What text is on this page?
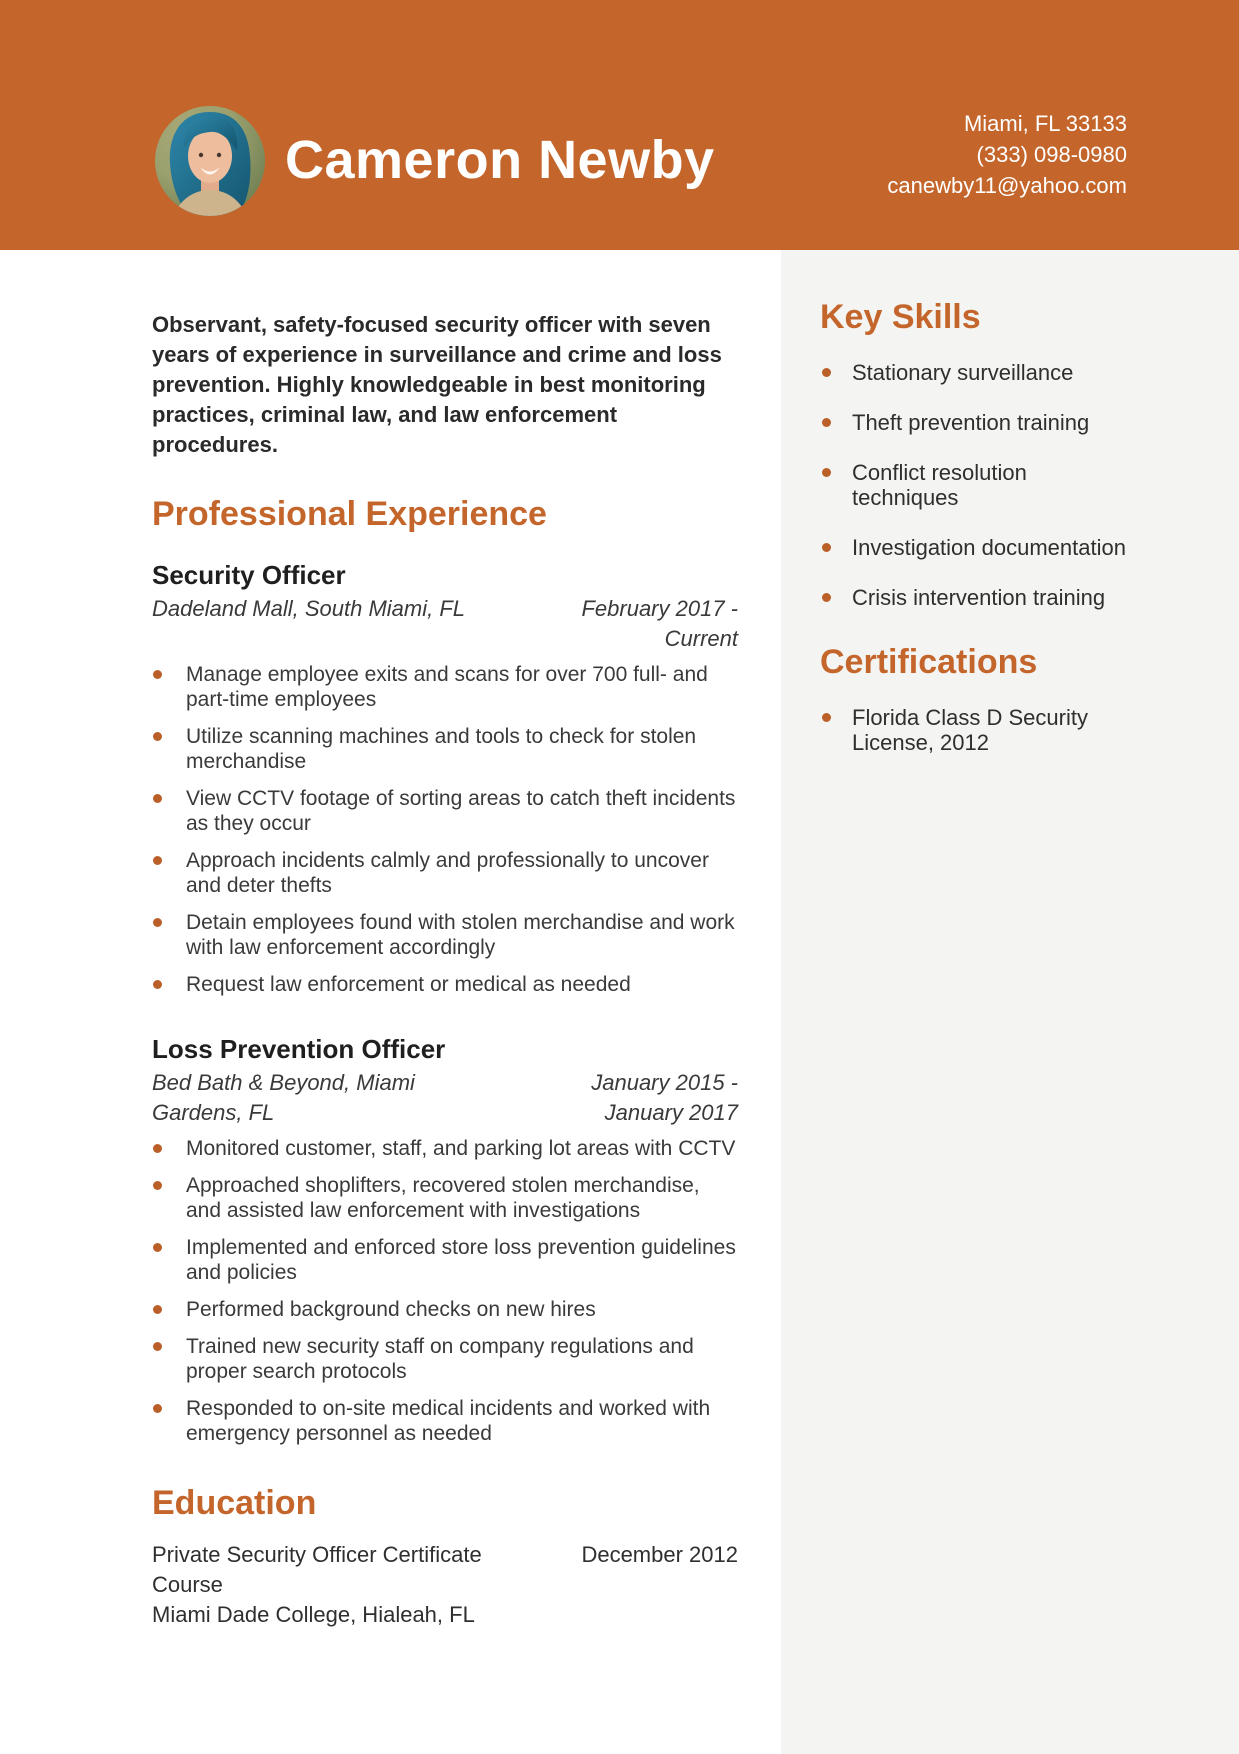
Cameron Newby
Miami, FL 33133
(333) 098-0980
canewby11@yahoo.com

Observant, safety-focused security officer with seven years of experience in surveillance and crime and loss prevention. Highly knowledgeable in best monitoring practices, criminal law, and law enforcement procedures.

Professional Experience
Security Officer
Dadeland Mall, South Miami, FL	February 2017 - Current
Manage employee exits and scans for over 700 full- and part-time employees
Utilize scanning machines and tools to check for stolen merchandise
View CCTV footage of sorting areas to catch theft incidents as they occur
Approach incidents calmly and professionally to uncover and deter thefts
Detain employees found with stolen merchandise and work with law enforcement accordingly
Request law enforcement or medical as needed
Loss Prevention Officer
Bed Bath & Beyond, Miami Gardens, FL
January 2015 - January 2017
Monitored customer, staff, and parking lot areas with CCTV
Approached shoplifters, recovered stolen merchandise, and assisted law enforcement with investigations
Implemented and enforced store loss prevention guidelines and policies
Performed background checks on new hires
Trained new security staff on company regulations and proper search protocols
Responded to on-site medical incidents and worked with emergency personnel as needed
Education
Private Security Officer Certificate Course
December 2012
Miami Dade College, Hialeah, FL
Key Skills
Stationary surveillance
Theft prevention training
Conflict resolution techniques
Investigation documentation
Crisis intervention training
Certifications
Florida Class D Security License, 2012
